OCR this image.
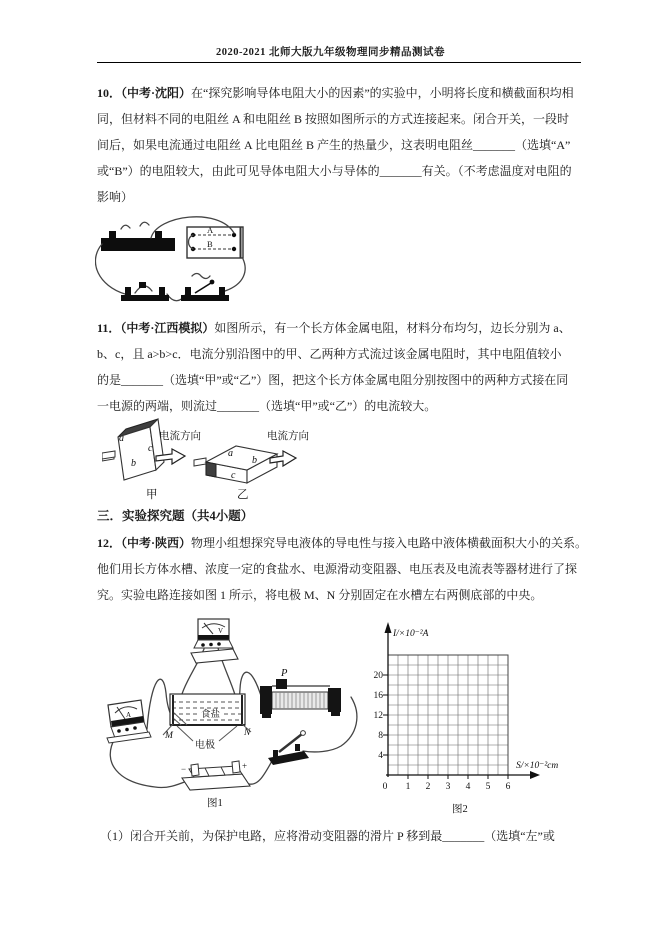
2020-2021 北师大版九年级物理同步精品测试卷
10．（中考·沈阳）在“探究影响导体电阻大小的因素”的实验中，小明将长度和横截面积均相
同，但材料不同的电阻丝 A 和电阻丝 B 按照如图所示的方式连接起来。闭合开关，一段时
间后，如果电流通过电阻丝 A 比电阻丝 B 产生的热量少，这表明电阻丝_______（选填“A”
或“B”）的电阻较大，由此可见导体电阻大小与导体的_______有关。（不考虑温度对电阻的
影响）
A
B
11．（中考·江西模拟）如图所示，有一个长方体金属电阻，材料分布均匀，边长分别为 a、
b、c，且 a>b>c．电流分别沿图中的甲、乙两种方式流过该金属电阻时，其中电阻值较小
的是_______（选填“甲”或“乙”）图，把这个长方体金属电阻分别按图中的两种方式接在同
一电源的两端，则流过_______（选填“甲”或“乙”）的电流较大。
a
c
b
电流方向
甲
a
b
c
电流方向
乙
三．实验探究题（共4小题）
12．（中考·陕西）物理小组想探究导电液体的导电性与接入电路中液体横截面积大小的关系。
他们用长方体水槽、浓度一定的食盐水、电源滑动变阻器、电压表及电流表等器材进行了探
究。实验电路连接如图 1 所示，将电极 M、N 分别固定在水槽左右两侧底部的中央。
V
A	食盐
M	N
电极
P
−	+
图1
20
16
12
8
4
I/×10⁻²A
0 1 2 3 4 5 6
S/×10⁻²cm
图2
（1）闭合开关前，为保护电路，应将滑动变阻器的滑片 P 移到最_______（选填“左”或
